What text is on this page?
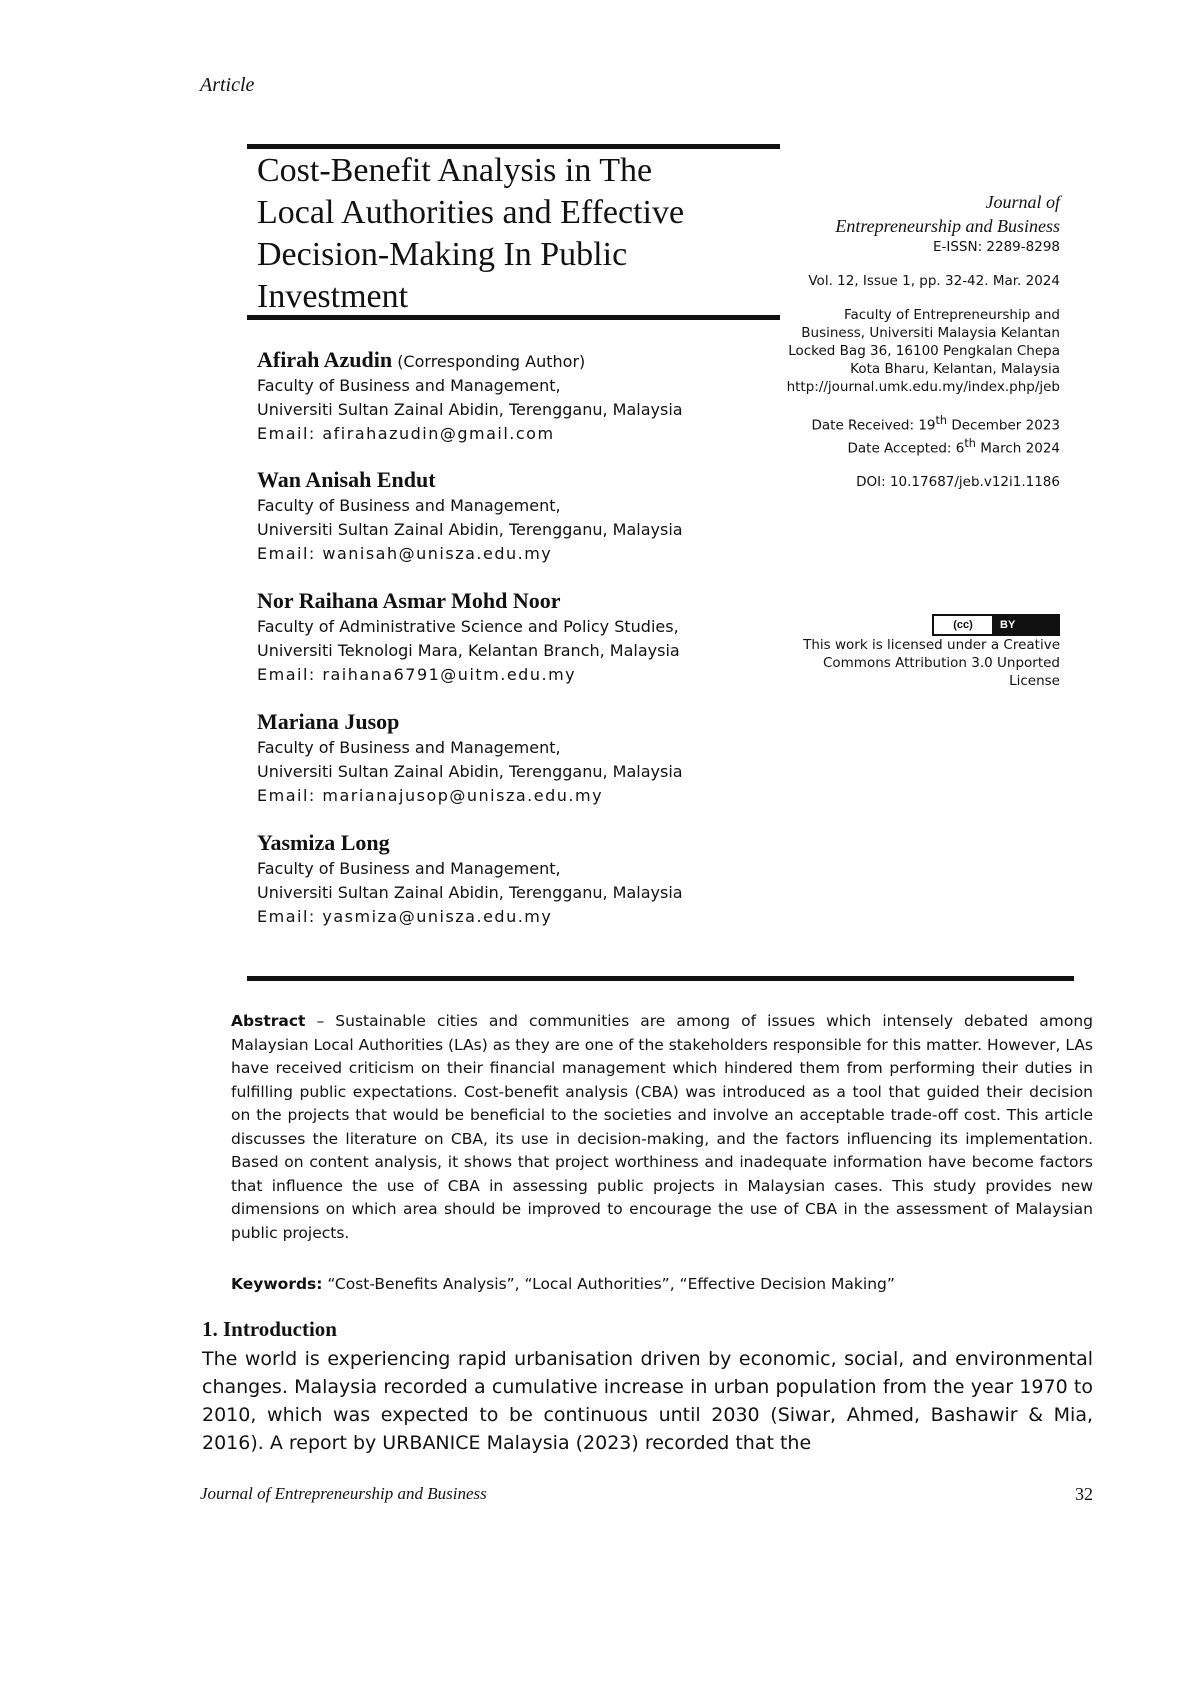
Article
Cost-Benefit Analysis in The
Local Authorities and Effective
Decision-Making In Public
Investment
Afirah Azudin (Corresponding Author)
Faculty of Business and Management,
Universiti Sultan Zainal Abidin, Terengganu, Malaysia
Email: afirahazudin@gmail.com
Wan Anisah Endut
Faculty of Business and Management,
Universiti Sultan Zainal Abidin, Terengganu, Malaysia
Email: wanisah@unisza.edu.my
Nor Raihana Asmar Mohd Noor
Faculty of Administrative Science and Policy Studies,
Universiti Teknologi Mara, Kelantan Branch, Malaysia
Email: raihana6791@uitm.edu.my
Mariana Jusop
Faculty of Business and Management,
Universiti Sultan Zainal Abidin, Terengganu, Malaysia
Email: marianajusop@unisza.edu.my
Yasmiza Long
Faculty of Business and Management,
Universiti Sultan Zainal Abidin, Terengganu, Malaysia
Email: yasmiza@unisza.edu.my
Journal of
Entrepreneurship and Business
E-ISSN: 2289-8298
Vol. 12, Issue 1, pp. 32-42. Mar. 2024
Faculty of Entrepreneurship and
Business, Universiti Malaysia Kelantan
Locked Bag 36, 16100 Pengkalan Chepa
Kota Bharu, Kelantan, Malaysia
http://journal.umk.edu.my/index.php/jeb
Date Received: 19th December 2023
Date Accepted: 6th March 2024
DOI: 10.17687/jeb.v12i1.1186
(cc)	BY
This work is licensed under a Creative
Commons Attribution 3.0 Unported
License
Abstract – Sustainable cities and communities are among of issues which intensely debated among Malaysian Local Authorities (LAs) as they are one of the stakeholders responsible for this matter. However, LAs have received criticism on their financial management which hindered them from performing their duties in fulfilling public expectations. Cost-benefit analysis (CBA) was introduced as a tool that guided their decision on the projects that would be beneficial to the societies and involve an acceptable trade-off cost. This article discusses the literature on CBA, its use in decision-making, and the factors influencing its implementation. Based on content analysis, it shows that project worthiness and inadequate information have become factors that influence the use of CBA in assessing public projects in Malaysian cases. This study provides new dimensions on which area should be improved to encourage the use of CBA in the assessment of Malaysian public projects.
Keywords: “Cost-Benefits Analysis”, “Local Authorities”, “Effective Decision Making”
1. Introduction
The world is experiencing rapid urbanisation driven by economic, social, and environmental changes. Malaysia recorded a cumulative increase in urban population from the year 1970 to 2010, which was expected to be continuous until 2030 (Siwar, Ahmed, Bashawir & Mia, 2016). A report by URBANICE Malaysia (2023) recorded that the
Journal of Entrepreneurship and Business	32
